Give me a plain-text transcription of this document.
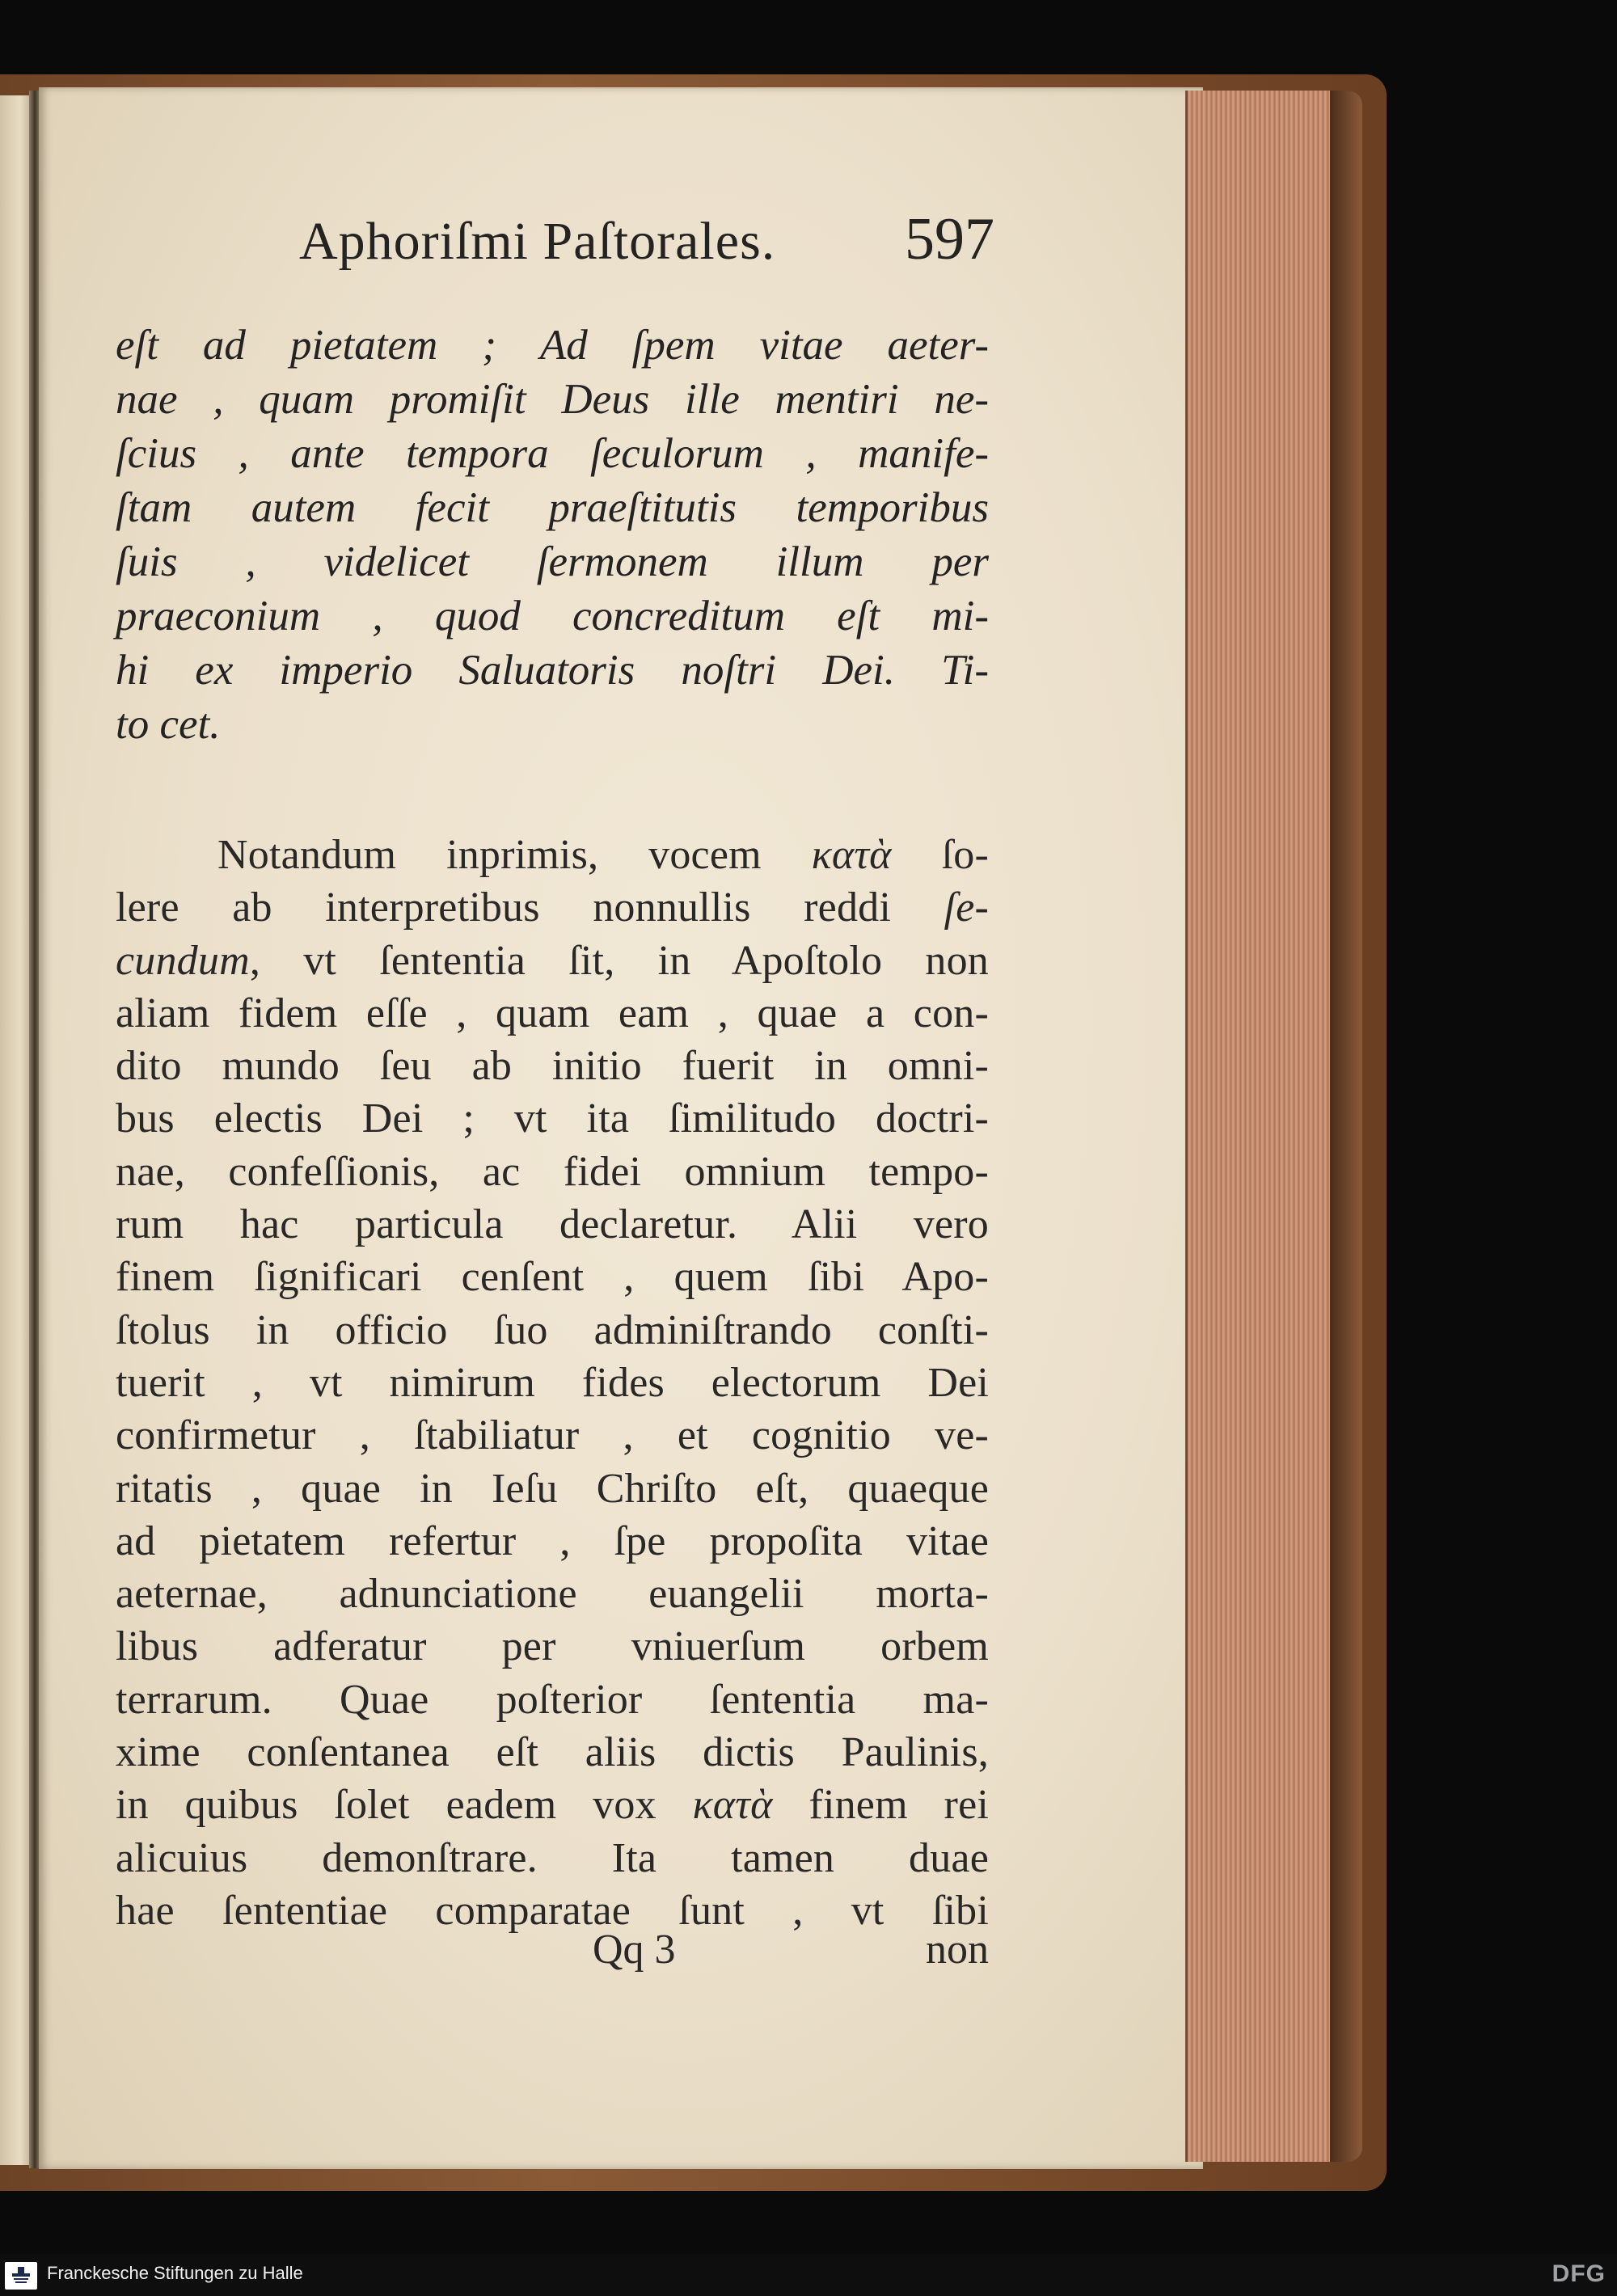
Aphoriſmi Paſtorales. 597
eſt ad pietatem ; Ad ſpem vitae aeter-
nae , quam promiſit Deus ille mentiri ne-
ſcius , ante tempora ſeculorum , manife-
ſtam autem fecit praeſtitutis temporibus
ſuis , videlicet ſermonem illum per
praeconium , quod concreditum eſt mi-
hi ex imperio Saluatoris noſtri Dei. Ti-
to cet.
Notandum inprimis, vocem κατὰ ſo-
lere ab interpretibus nonnullis reddi ſe-
cundum, vt ſententia ſit, in Apoſtolo non
aliam fidem eſſe , quam eam , quae a con-
dito mundo ſeu ab initio fuerit in omni-
bus electis Dei ; vt ita ſimilitudo doctri-
nae, confeſſionis, ac fidei omnium tempo-
rum hac particula declaretur. Alii vero
finem ſignificari cenſent , quem ſibi Apo-
ſtolus in officio ſuo adminiſtrando conſti-
tuerit , vt nimirum fides electorum Dei
confirmetur , ſtabiliatur , et cognitio ve-
ritatis , quae in Ieſu Chriſto eſt, quaeque
ad pietatem refertur , ſpe propoſita vitae
aeternae, adnunciatione euangelii morta-
libus adferatur per vniuerſum orbem
terrarum. Quae poſterior ſententia ma-
xime conſentanea eſt aliis dictis Paulinis,
in quibus ſolet eadem vox κατὰ finem rei
alicuius demonſtrare. Ita tamen duae
hae ſententiae comparatae ſunt , vt ſibi
Qq 3	non
Franckesche Stiftungen zu Halle	DFG
